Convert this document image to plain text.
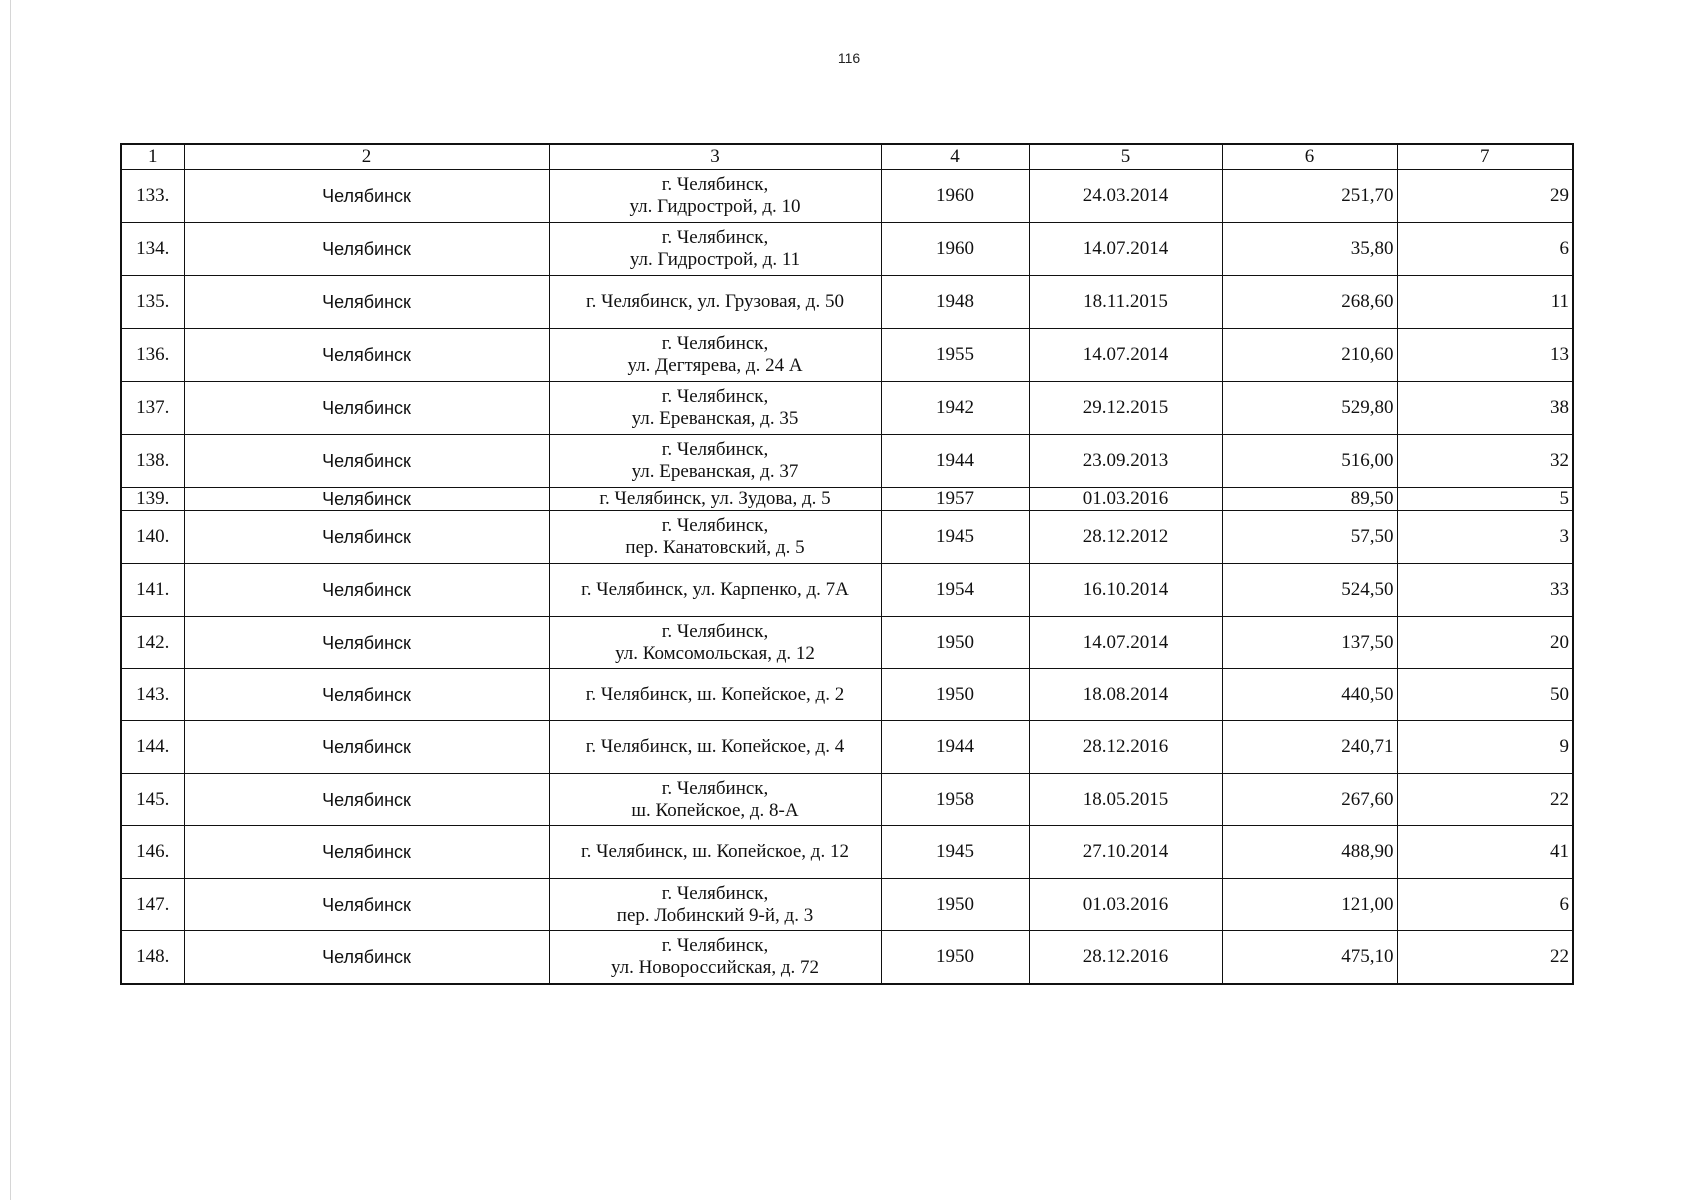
116
1	2	3	4	5	6	7
133.	Челябинск	г. Челябинск,
ул. Гидрострой, д. 10	1960	24.03.2014	251,70	29
134.	Челябинск	г. Челябинск,
ул. Гидрострой, д. 11	1960	14.07.2014	35,80	6
135.	Челябинск	г. Челябинск, ул. Грузовая, д. 50	1948	18.11.2015	268,60	11
136.	Челябинск	г. Челябинск,
ул. Дегтярева, д. 24 А	1955	14.07.2014	210,60	13
137.	Челябинск	г. Челябинск,
ул. Ереванская, д. 35	1942	29.12.2015	529,80	38
138.	Челябинск	г. Челябинск,
ул. Ереванская, д. 37	1944	23.09.2013	516,00	32
139.	Челябинск	г. Челябинск, ул. Зудова, д. 5	1957	01.03.2016	89,50	5
140.	Челябинск	г. Челябинск,
пер. Канатовский, д. 5	1945	28.12.2012	57,50	3
141.	Челябинск	г. Челябинск, ул. Карпенко, д. 7А	1954	16.10.2014	524,50	33
142.	Челябинск	г. Челябинск,
ул. Комсомольская, д. 12	1950	14.07.2014	137,50	20
143.	Челябинск	г. Челябинск, ш. Копейское, д. 2	1950	18.08.2014	440,50	50
144.	Челябинск	г. Челябинск, ш. Копейское, д. 4	1944	28.12.2016	240,71	9
145.	Челябинск	г. Челябинск,
ш. Копейское, д. 8-А	1958	18.05.2015	267,60	22
146.	Челябинск	г. Челябинск, ш. Копейское, д. 12	1945	27.10.2014	488,90	41
147.	Челябинск	г. Челябинск,
пер. Лобинский 9-й, д. 3	1950	01.03.2016	121,00	6
148.	Челябинск	г. Челябинск,
ул. Новороссийская, д. 72	1950	28.12.2016	475,10	22
